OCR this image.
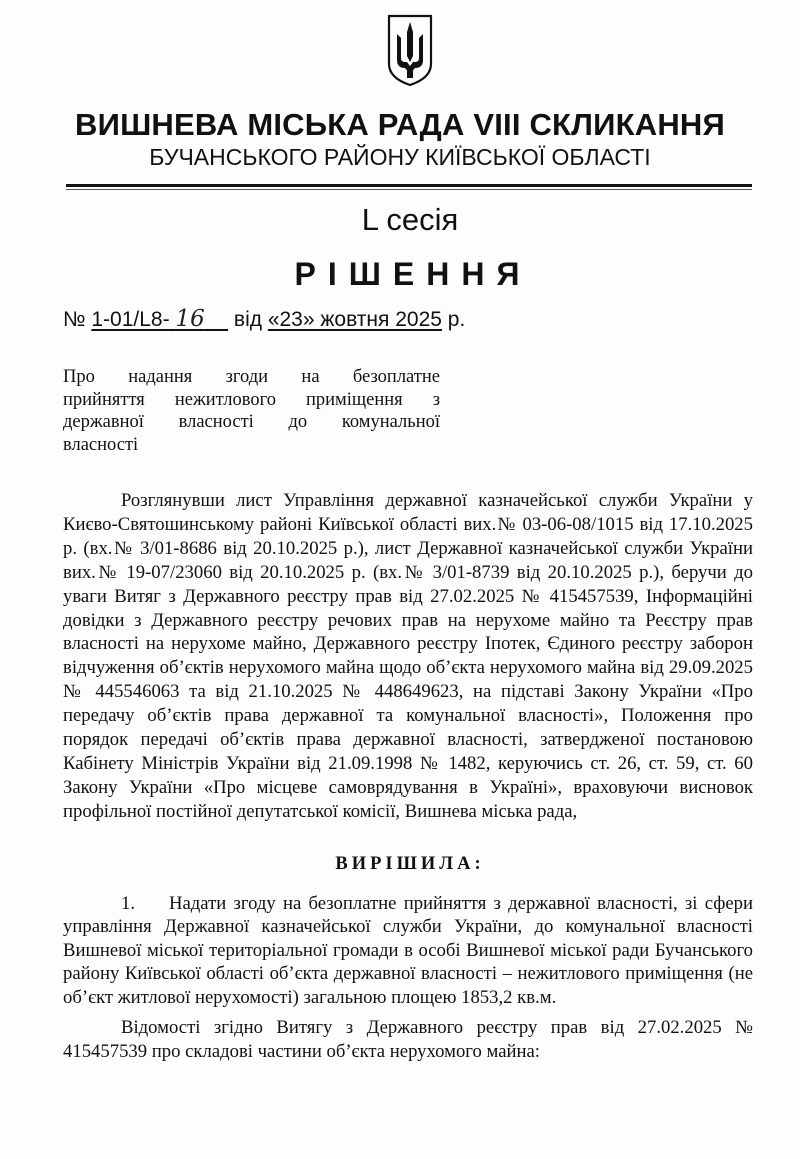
ВИШНЕВА МІСЬКА РАДА VIII СКЛИКАННЯ
БУЧАНСЬКОГО РАЙОНУ КИЇВСЬКОЇ ОБЛАСТІ
L сесія
РІШЕННЯ
№ 1-01/L8- 16 від «23» жовтня 2025 р.

Про надання згоди на безоплатне

прийняття нежитлового приміщення з

державної власності до комунальної

власності

Розглянувши лист Управління державної казначейської служби України у Києво-Святошинському районі Київської області вих.№ 03-06-08/1015 від 17.10.2025 р. (вх.№ 3/01-8686 від 20.10.2025 р.), лист Державної казначейської служби України вих.№ 19-07/23060 від 20.10.2025 р. (вх.№ 3/01-8739 від 20.10.2025 р.), беручи до уваги Витяг з Державного реєстру прав від 27.02.2025 № 415457539, Інформаційні довідки з Державного реєстру речових прав на нерухоме майно та Реєстру прав власності на нерухоме майно, Державного реєстру Іпотек, Єдиного реєстру заборон відчуження об’єктів нерухомого майна щодо об’єкта нерухомого майна від 29.09.2025 № 445546063 та від 21.10.2025 № 448649623, на підставі Закону України «Про передачу об’єктів права державної та комунальної власності», Положення про порядок передачі об’єктів права державної власності, затвердженої постановою Кабінету Міністрів України від 21.09.1998 № 1482, керуючись ст. 26, ст. 59, ст. 60 Закону України «Про місцеве самоврядування в Україні», враховуючи висновок профільної постійної депутатської комісії, Вишнева міська рада,

ВИРІШИЛА:

1. Надати згоду на безоплатне прийняття з державної власності, зі сфери управління Державної казначейської служби України, до комунальної власності Вишневої міської територіальної громади в особі Вишневої міської ради Бучанського району Київської області об’єкта державної власності – нежитлового приміщення (не об’єкт житлової нерухомості) загальною площею 1853,2 кв.м.

Відомості згідно Витягу з Державного реєстру прав від 27.02.2025 № 415457539 про складові частини об’єкта нерухомого майна:
